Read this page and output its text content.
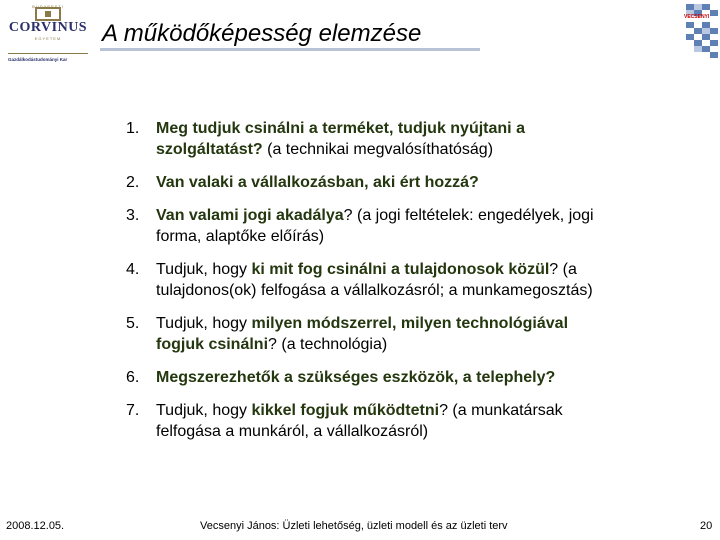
BUDAPESTI
CORVINUS
EGYETEM
Gazdálkodástudományi Kar
A működőképesség elemzése
VECSENYI
1.	Meg tudjuk csinálni a terméket, tudjuk nyújtani a szolgáltatást? (a technikai megvalósíthatóság)
2.	Van valaki a vállalkozásban, aki ért hozzá?
3.	Van valami jogi akadálya? (a jogi feltételek: engedélyek, jogi forma, alaptőke előírás)
4.	Tudjuk, hogy ki mit fog csinálni a tulajdonosok közül? (a tulajdonos(ok) felfogása a vállalkozásról; a munkamegosztás)
5.	Tudjuk, hogy milyen módszerrel, milyen technológiával fogjuk csinálni? (a technológia)
6.	Megszerezhetők a szükséges eszközök, a telephely?
7.	Tudjuk, hogy kikkel fogjuk működtetni? (a munkatársak felfogása a munkáról, a vállalkozásról)
2008.12.05.	Vecsenyi János: Üzleti lehetőség, üzleti modell és az üzleti terv	20
